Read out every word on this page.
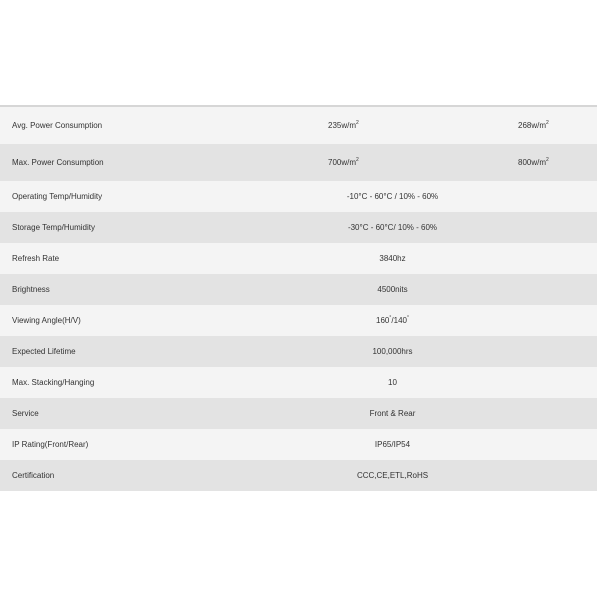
Avg. Power Consumption	$235w/m^2$	$268w/m^2$
Max. Power Consumption	$700w/m^2$	$800w/m^2$
Operating Temp/Humidity	-10°C - 60°C / 10% - 60%	
Storage Temp/Humidity	-30°C - 60°C/ 10% - 60%	
Refresh Rate	3840hz	
Brightness	4500nits	
Viewing Angle(H/V)	160°/140°
Expected Lifetime	100,000hrs	
Max. Stacking/Hanging	10	
Service	Front & Rear	
IP Rating(Front/Rear)	IP65/IP54	
Certification	CCC,CE,ETL,RoHS	
